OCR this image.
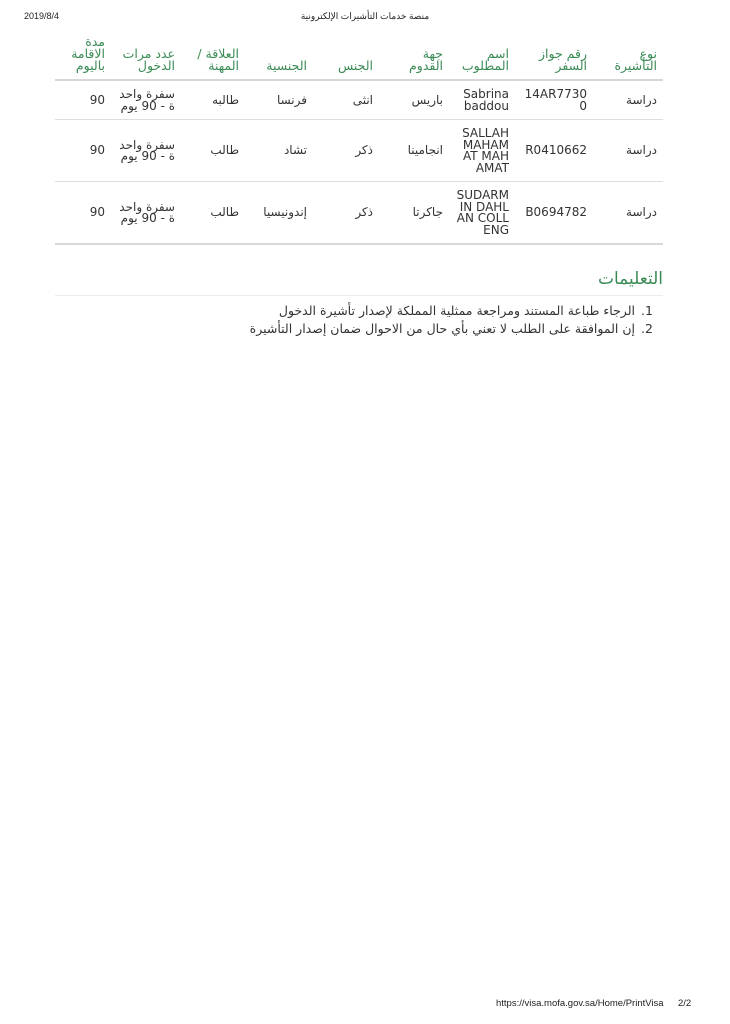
2019/8/4	منصة خدمات التأشيرات الإلكترونية
نوع التأشيرة	رقم جواز السفر	اسم المطلوب	جهة القدوم	الجنس	الجنسية	العلاقة / المهنة	عدد مرات الدخول	مدة الاقامة باليوم
دراسة	14AR77300	Sabrina baddou	باريس	انثى	فرنسا	طالبه	سفرة واحدة - 90 يوم	90
دراسة	R0410662	SALLAH MAHAMAT MAHAMAT	انجامينا	ذكر	تشاد	طالب	سفرة واحدة - 90 يوم	90
دراسة	B0694782	SUDARMIN DAHLAN COLLENG	جاكرتا	ذكر	إندونيسيا	طالب	سفرة واحدة - 90 يوم	90
التعليمات
1. الرجاء طباعة المستند ومراجعة ممثلية المملكة لإصدار تأشيرة الدخول
2. إن الموافقة على الطلب لا تعني بأي حال من الاحوال ضمان إصدار التأشيرة
https://visa.mofa.gov.sa/Home/PrintVisa 2/2
